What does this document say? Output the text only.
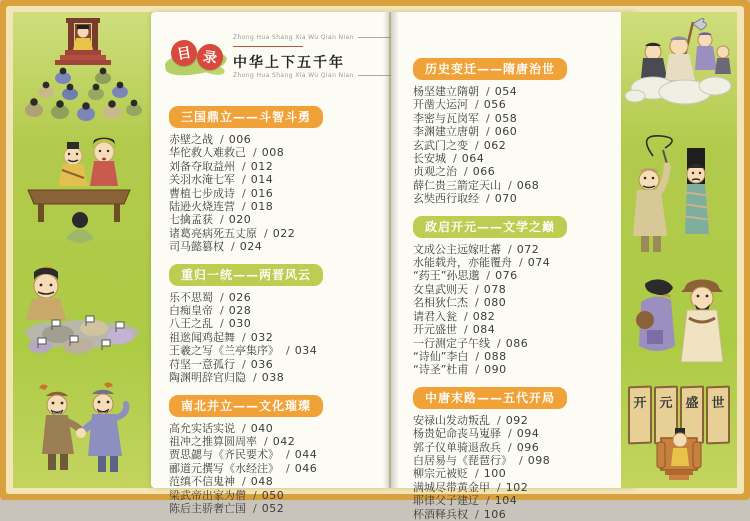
目 录
Zhong Hua Shang Xia Wu Qian Nian
中华上下五千年
Zhong Hua Shang Xia Wu Qian Nian
三国鼎立——斗智斗勇
赤壁之战 / 006
华佗救人难救己 / 008
刘备夺取益州 / 012
关羽水淹七军 / 014
曹植七步成诗 / 016
陆逊火烧连营 / 018
七擒孟获 / 020
诸葛亮病死五丈原 / 022
司马懿篡权 / 024
重归一统——两晋风云
乐不思蜀 / 026
白痴皇帝 / 028
八王之乱 / 030
祖逖闻鸡起舞 / 032
王羲之写《兰亭集序》 / 034
苻坚一意孤行 / 036
陶渊明辞官归隐 / 038
南北并立——文化璀璨
高允实话实说 / 040
祖冲之推算圆周率 / 042
贾思勰与《齐民要术》 / 044
郦道元撰写《水经注》 / 046
范缜不信鬼神 / 048
梁武帝出家为僧 / 050
陈后主骄奢亡国 / 052
历史变迁——隋唐治世
杨坚建立隋朝 / 054
开凿大运河 / 056
李密与瓦岗军 / 058
李渊建立唐朝 / 060
玄武门之变 / 062
长安城 / 064
贞观之治 / 066
薛仁贵三箭定天山 / 068
玄奘西行取经 / 070
政启开元——文学之巅
文成公主远嫁吐蕃 / 072
水能载舟，亦能覆舟 / 074
“药王”孙思邈 / 076
女皇武则天 / 078
名相狄仁杰 / 080
请君入瓮 / 082
开元盛世 / 084
一行测定子午线 / 086
“诗仙”李白 / 088
“诗圣”杜甫 / 090
中唐末路——五代开局
安禄山发动叛乱 / 092
杨贵妃命丧马嵬驿 / 094
郭子仪单骑退敌兵 / 096
白居易与《琵琶行》 / 098
柳宗元被贬 / 100
满城尽带黄金甲 / 102
耶律父子建辽 / 104
杯酒释兵权 / 106
开 元 盛 世
